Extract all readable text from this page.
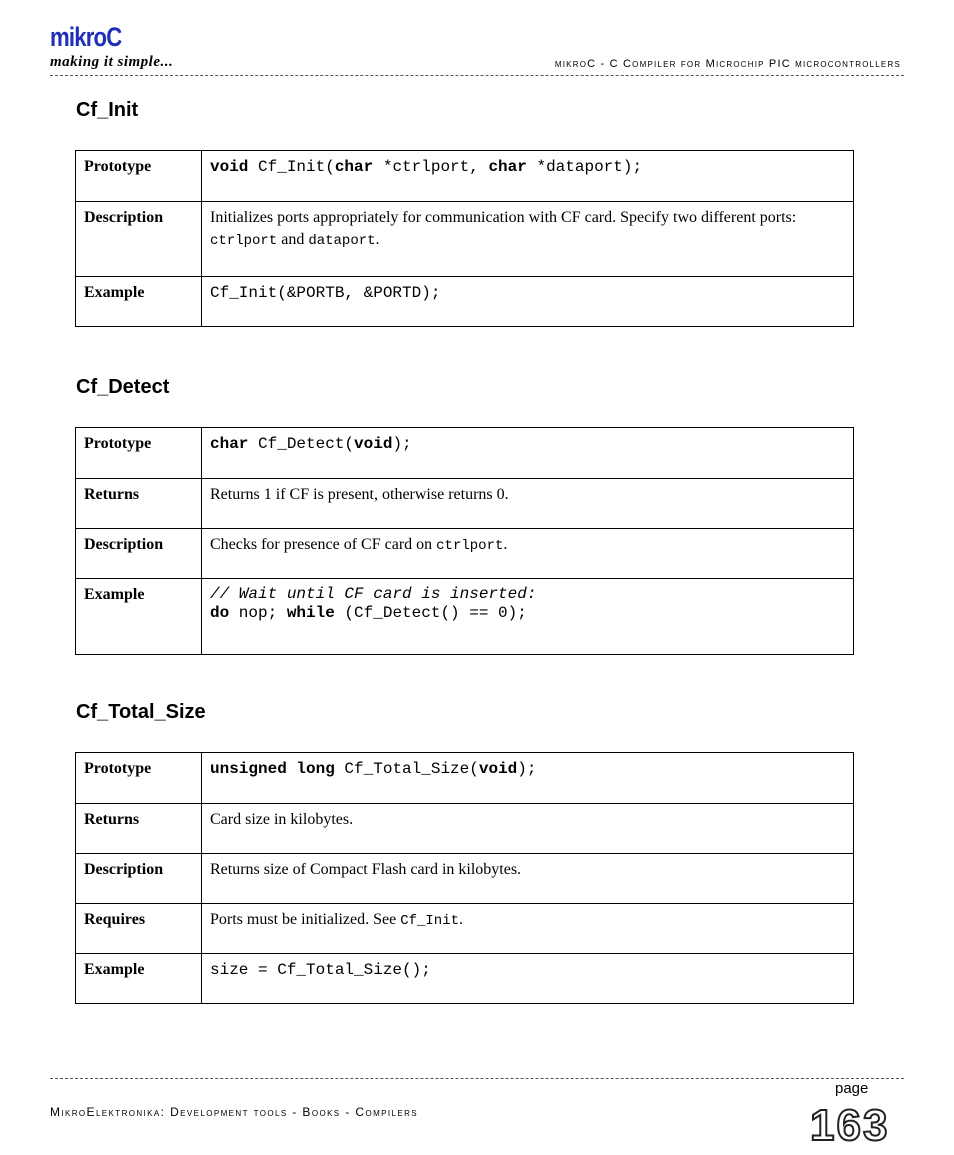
mikroC
making it simple...	mikroC - C Compiler for Microchip PIC microcontrollers
Cf_Init
Prototype	void Cf_Init(char *ctrlport, char *dataport);
Description	Initializes ports appropriately for communication with CF card. Specify two different ports: ctrlport and dataport.
Example	Cf_Init(&PORTB, &PORTD);
Cf_Detect
Prototype	char Cf_Detect(void);
Returns	Returns 1 if CF is present, otherwise returns 0.
Description	Checks for presence of CF card on ctrlport.
Example	// Wait until CF card is inserted:
do nop; while (Cf_Detect() == 0);
Cf_Total_Size
Prototype	unsigned long Cf_Total_Size(void);
Returns	Card size in kilobytes.
Description	Returns size of Compact Flash card in kilobytes.
Requires	Ports must be initialized. See Cf_Init.
Example	size = Cf_Total_Size();
page
MikroElektronika: Development tools - Books - Compilers	163
